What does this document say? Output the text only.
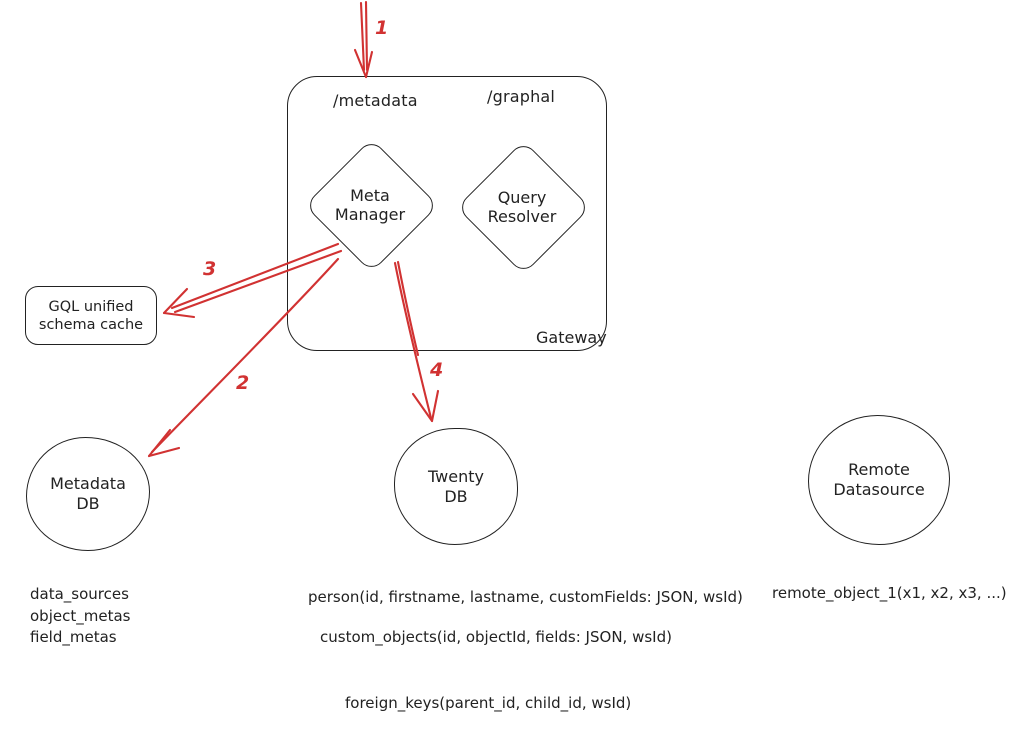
/metadata	/graphal
Gateway
Meta
Manager
Query
Resolver
GQL unified
schema cache
Metadata
DB
Twenty
DB
Remote
Datasource
data_sources
object_metas
field_metas
person(id, firstname, lastname, customFields: JSON, wsId)
custom_objects(id, objectId, fields: JSON, wsId)
foreign_keys(parent_id, child_id, wsId)
remote_object_1(x1, x2, x3, ...)
1
2
3
4
